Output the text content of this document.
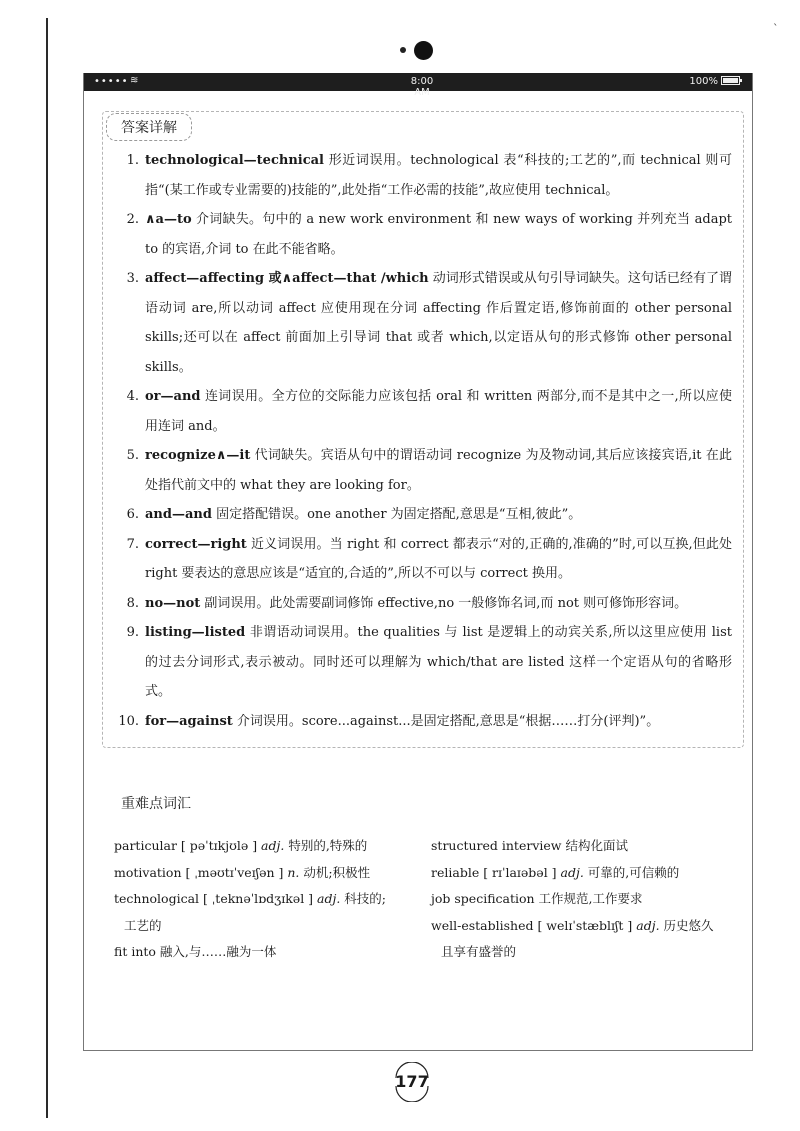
`
••••• ≋	8:00 AM
100%
答案详解
1. technological—technical 形近词误用。technological 表“科技的;工艺的”,而 technical 则可指“(某工作或专业需要的)技能的”,此处指“工作必需的技能”,故应使用 technical。
2. ∧a—to 介词缺失。句中的 a new work environment 和 new ways of working 并列充当 adapt to 的宾语,介词 to 在此不能省略。
3. affect—affecting 或∧affect—that /which 动词形式错误或从句引导词缺失。这句话已经有了谓语动词 are,所以动词 affect 应使用现在分词 affecting 作后置定语,修饰前面的 other personal skills;还可以在 affect 前面加上引导词 that 或者 which,以定语从句的形式修饰 other personal skills。
4. or—and 连词误用。全方位的交际能力应该包括 oral 和 written 两部分,而不是其中之一,所以应使用连词 and。
5. recognize∧—it 代词缺失。宾语从句中的谓语动词 recognize 为及物动词,其后应该接宾语,it 在此处指代前文中的 what they are looking for。
6. and—and 固定搭配错误。one another 为固定搭配,意思是“互相,彼此”。
7. correct—right 近义词误用。当 right 和 correct 都表示“对的,正确的,准确的”时,可以互换,但此处 right 要表达的意思应该是“适宜的,合适的”,所以不可以与 correct 换用。
8. no—not 副词误用。此处需要副词修饰 effective,no 一般修饰名词,而 not 则可修饰形容词。
9. listing—listed 非谓语动词误用。the qualities 与 list 是逻辑上的动宾关系,所以这里应使用 list 的过去分词形式,表示被动。同时还可以理解为 which/that are listed 这样一个定语从句的省略形式。
10. for—against 介词误用。score...against...是固定搭配,意思是“根据……打分(评判)”。
重难点词汇
particular [ pəˈtɪkjʊlə ] adj. 特别的,特殊的
motivation [ ˌməʊtɪˈveɪʃən ] n. 动机;积极性
technological [ ˌteknəˈlɒdʒɪkəl ] adj. 科技的;
工艺的
fit into 融入,与……融为一体
structured interview 结构化面试
reliable [ rɪˈlaɪəbəl ] adj. 可靠的,可信赖的
job specification 工作规范,工作要求
well-established [ welɪˈstæblɪʃt ] adj. 历史悠久
且享有盛誉的
177
